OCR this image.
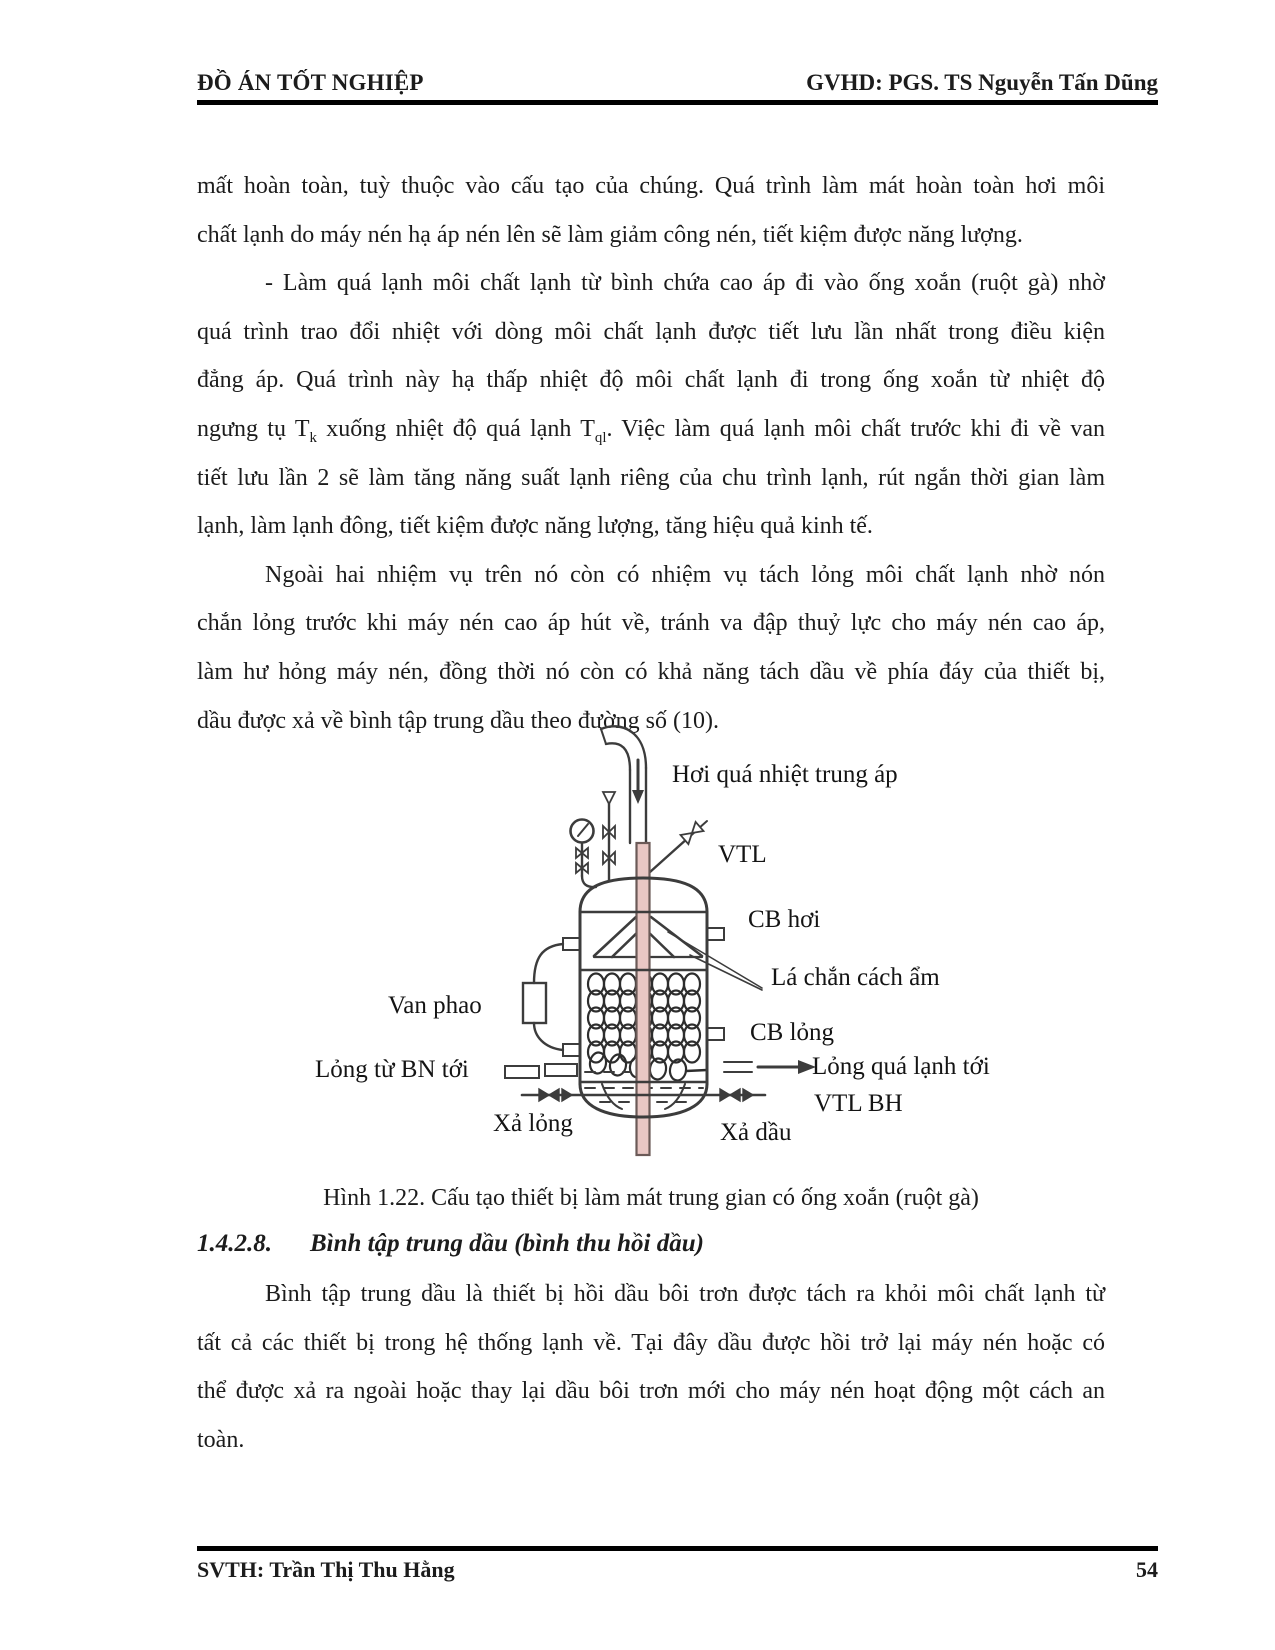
ĐỒ ÁN TỐT NGHIỆP	GVHD: PGS. TS Nguyễn Tấn Dũng
mất hoàn toàn, tuỳ thuộc vào cấu tạo của chúng. Quá trình làm mát hoàn toàn hơi môi
chất lạnh do máy nén hạ áp nén lên sẽ làm giảm công nén, tiết kiệm được năng lượng.
- Làm quá lạnh môi chất lạnh từ bình chứa cao áp đi vào ống xoắn (ruột gà) nhờ
quá trình trao đổi nhiệt với dòng môi chất lạnh được tiết lưu lần nhất trong điều kiện
đẳng áp. Quá trình này hạ thấp nhiệt độ môi chất lạnh đi trong ống xoắn từ nhiệt độ
ngưng tụ $T_k$ xuống nhiệt độ quá lạnh $T_{ql}$. Việc làm quá lạnh môi chất trước khi đi về van
tiết lưu lần 2 sẽ làm tăng năng suất lạnh riêng của chu trình lạnh, rút ngắn thời gian làm
lạnh, làm lạnh đông, tiết kiệm được năng lượng, tăng hiệu quả kinh tế.
Ngoài hai nhiệm vụ trên nó còn có nhiệm vụ tách lỏng môi chất lạnh nhờ nón
chắn lỏng trước khi máy nén cao áp hút về, tránh va đập thuỷ lực cho máy nén cao áp,
làm hư hỏng máy nén, đồng thời nó còn có khả năng tách dầu về phía đáy của thiết bị,
dầu được xả về bình tập trung dầu theo đường số (10).
Bình tập trung dầu là thiết bị hồi dầu bôi trơn được tách ra khỏi môi chất lạnh từ
tất cả các thiết bị trong hệ thống lạnh về. Tại đây dầu được hồi trở lại máy nén hoặc có
thể được xả ra ngoài hoặc thay lại dầu bôi trơn mới cho máy nén hoạt động một cách an
toàn.
Hơi quá nhiệt trung áp
VTL
CB hơi
Lá chắn cách ẩm
Van phao
CB lỏng
Lỏng từ BN tới	Lỏng quá lạnh tới
VTL BH
Xả lỏng	Xả dầu
Hình 1.22. Cấu tạo thiết bị làm mát trung gian có ống xoắn (ruột gà)
1.4.2.8. Bình tập trung dầu (bình thu hồi dầu)
SVTH: Trần Thị Thu Hằng	54
